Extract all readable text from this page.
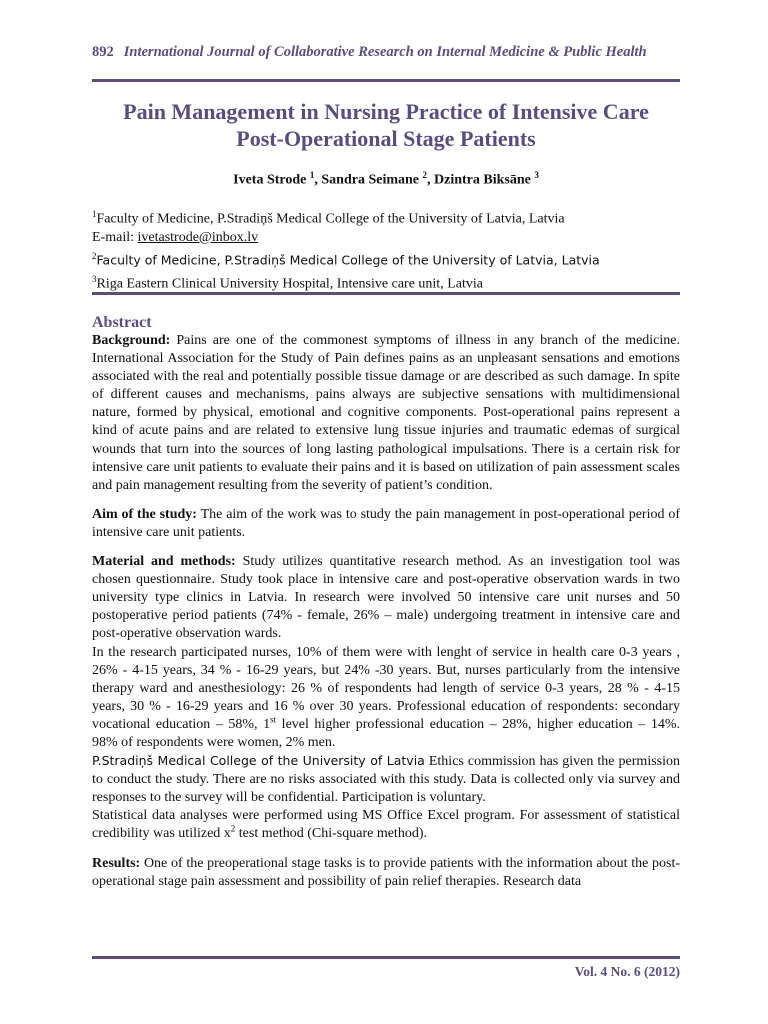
892 International Journal of Collaborative Research on Internal Medicine & Public Health
Pain Management in Nursing Practice of Intensive Care
Post-Operational Stage Patients
Iveta Strode $^1$, Sandra Seimane $^2$, Dzintra Biksāne $^3$
$^1$Faculty of Medicine, P.Stradiņš Medical College of the University of Latvia, Latvia
E-mail: ivetastrode@inbox.lv
$^2$Faculty of Medicine, P.Stradiņš Medical College of the University of Latvia, Latvia
$^3$Riga Eastern Clinical University Hospital, Intensive care unit, Latvia
Abstract

Background: Pains are one of the commonest symptoms of illness in any branch of the medicine. International Association for the Study of Pain defines pains as an unpleasant sensations and emotions associated with the real and potentially possible tissue damage or are described as such damage. In spite of different causes and mechanisms, pains always are subjective sensations with multidimensional nature, formed by physical, emotional and cognitive components. Post-operational pains represent a kind of acute pains and are related to extensive lung tissue injuries and traumatic edemas of surgical wounds that turn into the sources of long lasting pathological impulsations. There is a certain risk for intensive care unit patients to evaluate their pains and it is based on utilization of pain assessment scales and pain management resulting from the severity of patient’s condition.

Aim of the study: The aim of the work was to study the pain management in post-operational period of intensive care unit patients.

Material and methods: Study utilizes quantitative research method. As an investigation tool was chosen questionnaire. Study took place in intensive care and post-operative observation wards in two university type clinics in Latvia. In research were involved 50 intensive care unit nurses and 50 postoperative period patients (74% - female, 26% – male) undergoing treatment in intensive care and post-operative observation wards.

In the research participated nurses, 10% of them were with lenght of service in health care 0-3 years , 26% - 4-15 years, 34 % - 16-29 years, but 24% -30 years. But, nurses particularly from the intensive therapy ward and anesthesiology: 26 % of respondents had length of service 0-3 years, 28 % - 4-15 years, 30 % - 16-29 years and 16 % over 30 years. Professional education of respondents: secondary vocational education – 58%, 1st level higher professional education – 28%, higher education – 14%. 98% of respondents were women, 2% men.

P.Stradiņš Medical College of the University of Latvia Ethics commission has given the permission to conduct the study. There are no risks associated with this study. Data is collected only via survey and responses to the survey will be confidential. Participation is voluntary.

Statistical data analyses were performed using MS Office Excel program. For assessment of statistical credibility was utilized $x^2$ test method (Chi-square method).

Results: One of the preoperational stage tasks is to provide patients with the information about the post-operational stage pain assessment and possibility of pain relief therapies. Research data

Vol. 4 No. 6 (2012)
